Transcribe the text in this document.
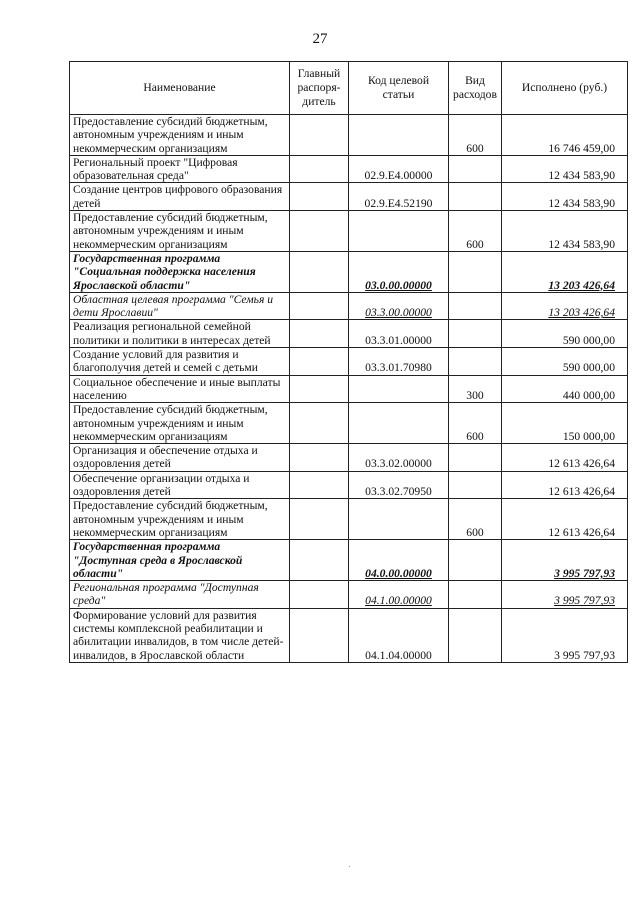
27
Наименование	Главный распоря-дитель	Код целевой статьи	Вид расходов	Исполнено (руб.)
Предоставление субсидий бюджетным, автономным учреждениям и иным некоммерческим организациям			600	16 746 459,00
Региональный проект "Цифровая образовательная среда"		02.9.E4.00000		12 434 583,90
Создание центров цифрового образования детей		02.9.E4.52190		12 434 583,90
Предоставление субсидий бюджетным, автономным учреждениям и иным некоммерческим организациям			600	12 434 583,90
Государственная программа "Социальная поддержка населения Ярославской области"		03.0.00.00000		13 203 426,64
Областная целевая программа "Семья и дети Ярославии"		03.3.00.00000		13 203 426,64
Реализация региональной семейной политики и политики в интересах детей		03.3.01.00000		590 000,00
Создание условий для развития и благополучия детей и семей с детьми		03.3.01.70980		590 000,00
Социальное обеспечение и иные выплаты населению			300	440 000,00
Предоставление субсидий бюджетным, автономным учреждениям и иным некоммерческим организациям			600	150 000,00
Организация и обеспечение отдыха и оздоровления детей		03.3.02.00000		12 613 426,64
Обеспечение организации отдыха и оздоровления детей		03.3.02.70950		12 613 426,64
Предоставление субсидий бюджетным, автономным учреждениям и иным некоммерческим организациям			600	12 613 426,64
Государственная программа "Доступная среда в Ярославской области"		04.0.00.00000		3 995 797,93
Региональная программа "Доступная среда"		04.1.00.00000		3 995 797,93
Формирование условий для развития системы комплексной реабилитации и абилитации инвалидов, в том числе детей-инвалидов, в Ярославской области		04.1.04.00000		3 995 797,93
